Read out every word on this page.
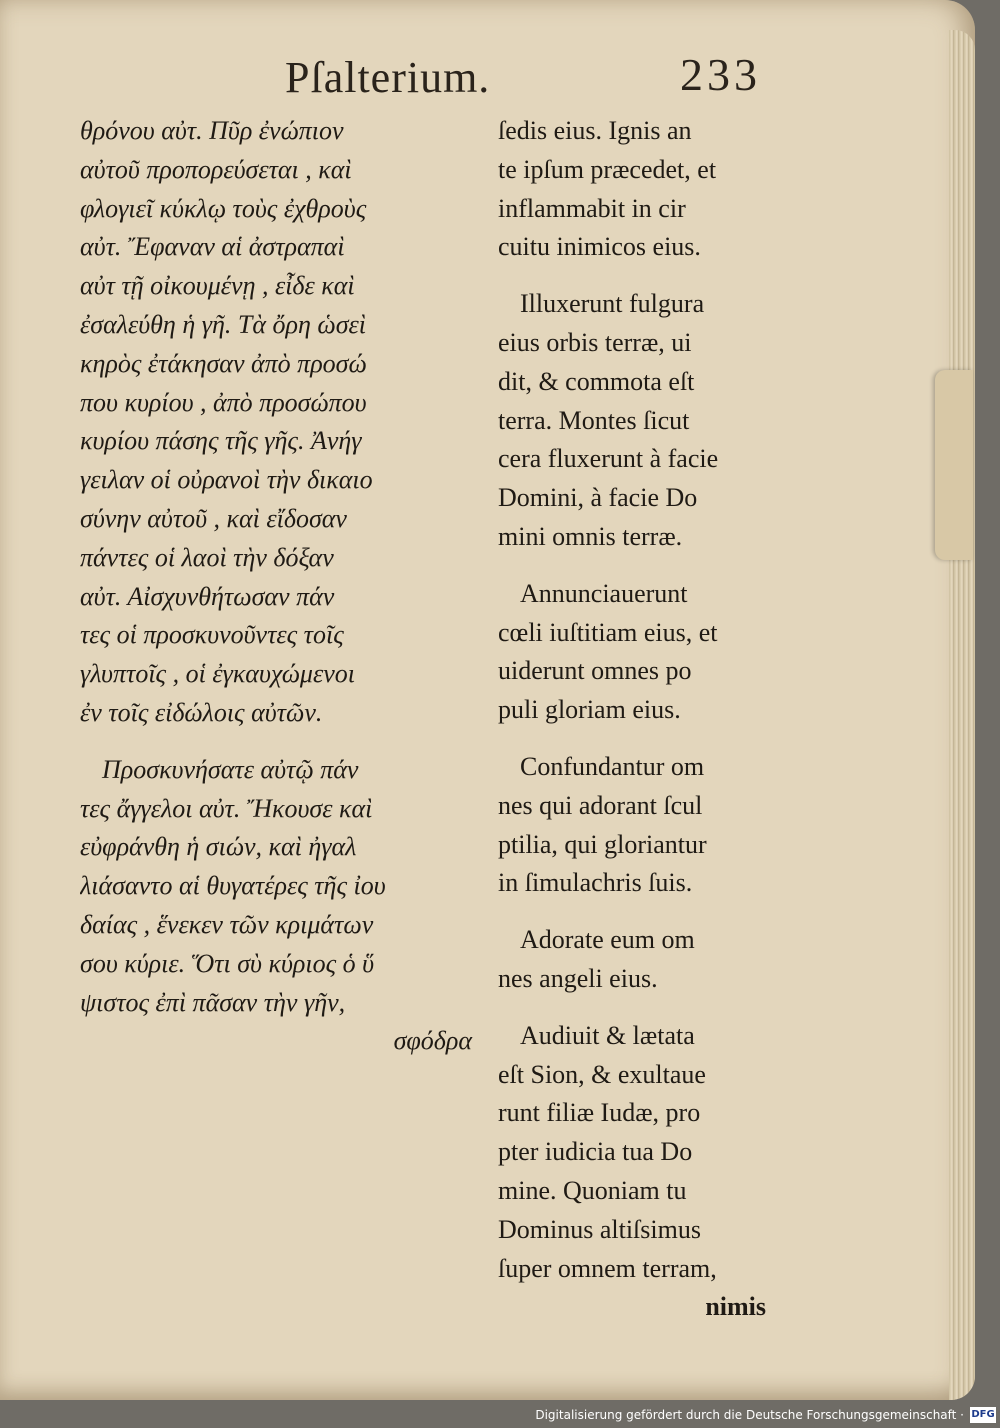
Pſalterium.	233
θρόνου αὐτ. Πῦρ ἐνώπιον
αὐτοῦ προπορεύσεται , καὶ
φλογιεῖ κύκλῳ τοὺς ἐχθροὺς
αὐτ. Ἔφαναν αἱ ἀστραπαὶ
αὐτ τῇ οἰκουμένῃ , εἶδε καὶ
ἐσαλεύθη ἡ γῆ. Τὰ ὄρη ὡσεὶ
κηρὸς ἐτάκησαν ἀπὸ προσώ
που κυρίου , ἀπὸ προσώπου
κυρίου πάσης τῆς γῆς. Ἀνήγ
γειλαν οἱ οὐρανοὶ τὴν δικαιο
σύνην αὐτοῦ , καὶ εἴδοσαν
πάντες οἱ λαοὶ τὴν δόξαν
αὐτ. Αἰσχυνθήτωσαν πάν
τες οἱ προσκυνοῦντες τοῖς
γλυπτοῖς , οἱ ἐγκαυχώμενοι
ἐν τοῖς εἰδώλοις αὐτῶν.
Προσκυνήσατε αὐτῷ πάν
τες ἄγγελοι αὐτ. Ἤκουσε καὶ
εὐφράνθη ἡ σιών, καὶ ἠγαλ
λιάσαντο αἱ θυγατέρες τῆς ἰου
δαίας , ἕνεκεν τῶν κριμάτων
σου κύριε. Ὅτι σὺ κύριος ὁ ὕ
ψιστος ἐπὶ πᾶσαν τὴν γῆν,
σφόδρα
ſedis eius. Ignis an
te ipſum præcedet, et
inflammabit in cir
cuitu inimicos eius.
Illuxerunt fulgura
eius orbis terræ, ui
dit, & commota eſt
terra. Montes ſicut
cera fluxerunt à facie
Domini, à facie Do
mini omnis terræ.
Annunciauerunt
cœli iuſtitiam eius, et
uiderunt omnes po
puli gloriam eius.
Confundantur om
nes qui adorant ſcul
ptilia, qui gloriantur
in ſimulachris ſuis.
Adorate eum om
nes angeli eius.
Audiuit & lætata
eſt Sion, & exultaue
runt filiæ Iudæ, pro
pter iudicia tua Do
mine. Quoniam tu
Dominus altiſsimus
ſuper omnem terram,
nimis
Digitalisierung gefördert durch die Deutsche Forschungsgemeinschaft · DFG
